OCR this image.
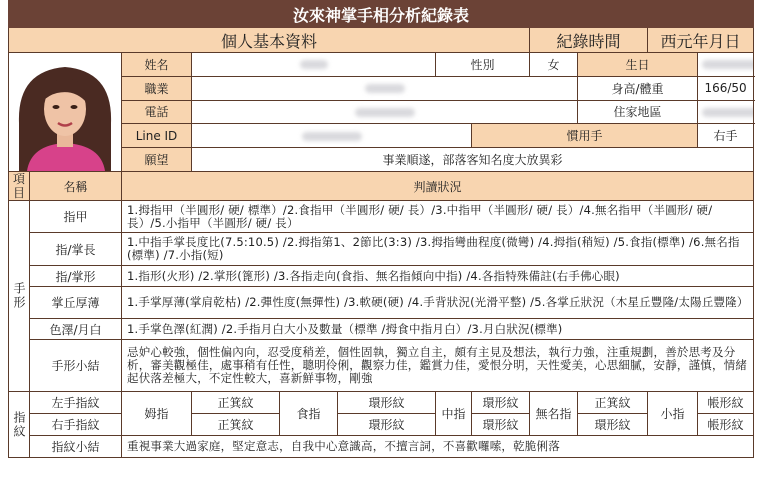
汝來神掌手相分析紀錄表											
個人基本資料								紀錄時間		西元年月日	

	姓名				性別		女	生日		
		職業							身高/體重		166/50
		電話							住家地區		
		Line ID					慣用手				右手
		願望	事業順遂，部落客知名度大放異彩								
項目	名稱	判讀狀況									
手形	指甲	1.拇指甲（半圓形/ 硬/ 標準）/2.食指甲（半圓形/ 硬/ 長）/3.中指甲（半圓形/ 硬/ 長）/4.無名指甲（半圓形/ 硬/ 長）/5.小指甲（半圓形/ 硬/ 長）									
	指/掌長	1.中指手掌長度比(7.5:10.5) /2.拇指第1、2節比(3:3) /3.拇指彎曲程度(微彎) /4.拇指(稍短) /5.食指(標準) /6.無名指(標準) /7.小指(短)									
	指/掌形	1.指形(火形) /2.掌形(篦形) /3.各指走向(食指、無名指傾向中指) /4.各指特殊備註(右手佛心眼)									
	掌丘厚薄	1.手掌厚薄(掌肩乾枯) /2.彈性度(無彈性) /3.軟硬(硬) /4.手背狀況(光滑平整) /5.各掌丘狀況（木星丘豐隆/太陽丘豐隆）									
	色澤/月白	1.手掌色澤(紅潤) /2.手指月白大小及數量（標準 /拇食中指月白）/3.月白狀況(標準)									
	手形小結	忌妒心較強，個性偏內向，忍受度稍差，個性固執，獨立自主，頗有主見及想法，執行力強，注重規劃，善於思考及分析，審美觀極佳，處事稍有任性，聰明伶俐，觀察力佳，鑑賞力佳，愛恨分明，天性愛美，心思細膩，安靜，謹慎，情緒起伏落差極大，不定性較大，喜新鮮事物，剛強									
指紋	左手指紋	姆指	正箕紋	食指	環形紋	中指	環形紋	無名指	正箕紋	小指	帳形紋
	右手指紋		正箕紋		環形紋		環形紋		環形紋		帳形紋
	指紋小結	重視事業大過家庭，堅定意志，自我中心意識高，不擅言詞，不喜歡囉嗦，乾脆俐落									
